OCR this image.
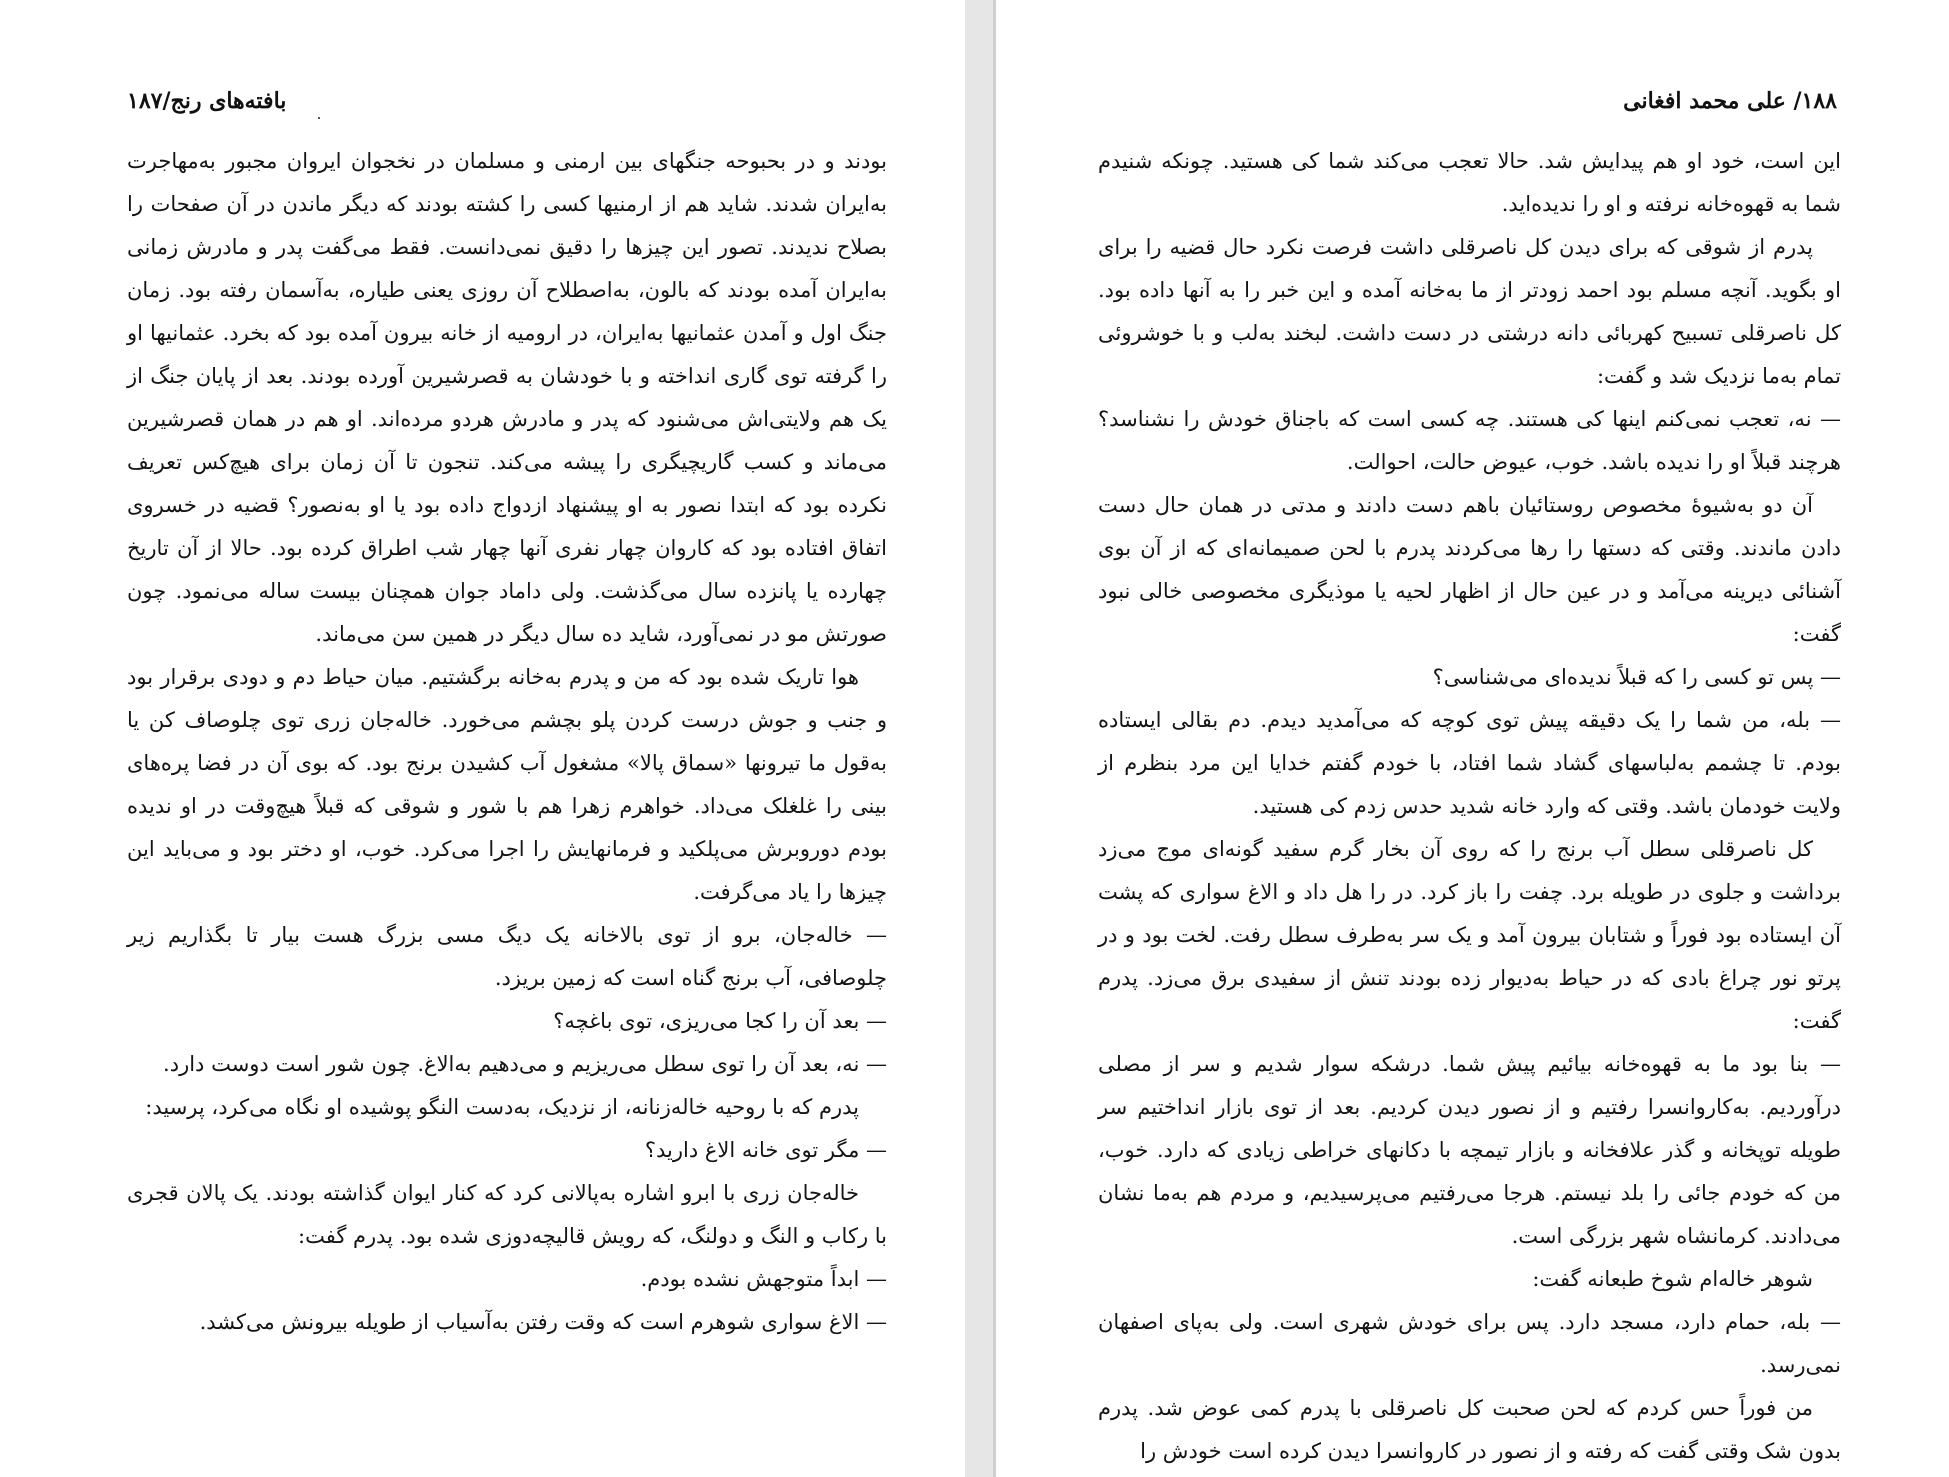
بافته‌های رنج/۱۸۷

بودند و در بحبوحه جنگهای بین ارمنی و مسلمان در نخجوان ایروان مجبور به‌مهاجرت به‌ایران شدند. شاید هم از ارمنیها کسی را کشته بودند که دیگر ماندن در آن صفحات را بصلاح ندیدند. تصور این چیزها را دقیق نمی‌دانست. فقط می‌گفت پدر و مادرش زمانی به‌ایران آمده بودند که بالون، به‌اصطلاح آن روزی یعنی طیاره، به‌آسمان رفته بود. زمان جنگ اول و آمدن عثمانیها به‌ایران، در ارومیه از خانه بیرون آمده بود که بخرد. عثمانیها او را گرفته توی گاری انداخته و با خودشان به قصرشیرین آورده بودند. بعد از پایان جنگ از یک هم ولایتی‌اش می‌شنود که پدر و مادرش هردو مرده‌اند. او هم در همان قصرشیرین می‌ماند و کسب گاریچیگری را پیشه می‌کند. تنجون تا آن زمان برای هیچ‌کس تعریف نکرده بود که ابتدا نصور به او پیشنهاد ازدواج داده بود یا او به‌نصور؟ قضیه در خسروی اتفاق افتاده بود که کاروان چهار نفری آنها چهار شب اطراق کرده بود. حالا از آن تاریخ چهارده یا پانزده سال می‌گذشت. ولی داماد جوان همچنان بیست ساله می‌نمود. چون صورتش مو در نمی‌آورد، شاید ده سال دیگر در همین سن می‌ماند.

هوا تاریک شده بود که من و پدرم به‌خانه برگشتیم. میان حیاط دم و دودی برقرار بود و جنب و جوش درست کردن پلو بچشم می‌خورد. خاله‌جان زری توی چلوصاف کن یا به‌قول ما تیرونها «سماق پالا» مشغول آب کشیدن برنج بود. که بوی آن در فضا پره‌های بینی را غلغلک می‌داد. خواهرم زهرا هم با شور و شوقی که قبلاً هیچ‌وقت در او ندیده بودم دوروبرش می‌پلکید و فرمانهایش را اجرا می‌کرد. خوب، او دختر بود و می‌باید این چیزها را یاد می‌گرفت.

— خاله‌جان، برو از توی بالاخانه یک دیگ مسی بزرگ هست بیار تا بگذاریم زیر چلوصافی، آب برنج گناه است که زمین بریزد.

— بعد آن را کجا می‌ریزی، توی باغچه؟

— نه، بعد آن را توی سطل می‌ریزیم و می‌دهیم به‌الاغ. چون شور است دوست دارد.

پدرم که با روحیه خاله‌زنانه، از نزدیک، به‌دست النگو پوشیده او نگاه می‌کرد، پرسید:

— مگر توی خانه الاغ دارید؟

خاله‌جان زری با ابرو اشاره به‌پالانی کرد که کنار ایوان گذاشته بودند. یک پالان قجری با رکاب و النگ و دولنگ، که رویش قالیچه‌دوزی شده بود. پدرم گفت:

— ابداً متوجهش نشده بودم.

— الاغ سواری شوهرم است که وقت رفتن به‌آسیاب از طویله بیرونش می‌کشد.

۱۸۸/ علی محمد افغانی

این است، خود او هم پیدایش شد. حالا تعجب می‌کند شما کی هستید. چونکه شنیدم شما به قهوه‌خانه نرفته و او را ندیده‌اید.

پدرم از شوقی که برای دیدن کل ناصرقلی داشت فرصت نکرد حال قضیه را برای او بگوید. آنچه مسلم بود احمد زودتر از ما به‌خانه آمده و این خبر را به آنها داده بود. کل ناصرقلی تسبیح کهربائی دانه درشتی در دست داشت. لبخند به‌لب و با خوشروئی تمام به‌ما نزدیک شد و گفت:

— نه، تعجب نمی‌کنم اینها کی هستند. چه کسی است که باجناق خودش را نشناسد؟ هرچند قبلاً او را ندیده باشد. خوب، عیوض حالت، احوالت.

آن دو به‌شیوهٔ مخصوص روستائیان باهم دست دادند و مدتی در همان حال دست دادن ماندند. وقتی که دستها را رها می‌کردند پدرم با لحن صمیمانه‌ای که از آن بوی آشنائی دیرینه می‌آمد و در عین حال از اظهار لحیه یا موذیگری مخصوصی خالی نبود گفت:

— پس تو کسی را که قبلاً ندیده‌ای می‌شناسی؟

— بله، من شما را یک دقیقه پیش توی کوچه که می‌آمدید دیدم. دم بقالی ایستاده بودم. تا چشمم به‌لباسهای گشاد شما افتاد، با خودم گفتم خدایا این مرد بنظرم از ولایت خودمان باشد. وقتی که وارد خانه شدید حدس زدم کی هستید.

کل ناصرقلی سطل آب برنج را که روی آن بخار گرم سفید گونه‌ای موج می‌زد برداشت و جلوی در طویله برد. چفت را باز کرد. در را هل داد و الاغ سواری که پشت آن ایستاده بود فوراً و شتابان بیرون آمد و یک سر به‌طرف سطل رفت. لخت بود و در پرتو نور چراغ بادی که در حیاط به‌دیوار زده بودند تنش از سفیدی برق می‌زد. پدرم گفت:

— بنا بود ما به قهوه‌خانه بیائیم پیش شما. درشکه سوار شدیم و سر از مصلی درآوردیم. به‌کاروانسرا رفتیم و از نصور دیدن کردیم. بعد از توی بازار انداختیم سر طویله توپخانه و گذر علافخانه و بازار تیمچه با دکانهای خراطی زیادی که دارد. خوب، من که خودم جائی را بلد نیستم. هرجا می‌رفتیم می‌پرسیدیم، و مردم هم به‌ما نشان می‌دادند. کرمانشاه شهر بزرگی است.

شوهر خاله‌ام شوخ طبعانه گفت:

— بله، حمام دارد، مسجد دارد. پس برای خودش شهری است. ولی به‌پای اصفهان نمی‌رسد.

من فوراً حس کردم که لحن صحبت کل ناصرقلی با پدرم کمی عوض شد. پدرم بدون شک وقتی گفت که رفته و از نصور در کاروانسرا دیدن کرده است خودش را
